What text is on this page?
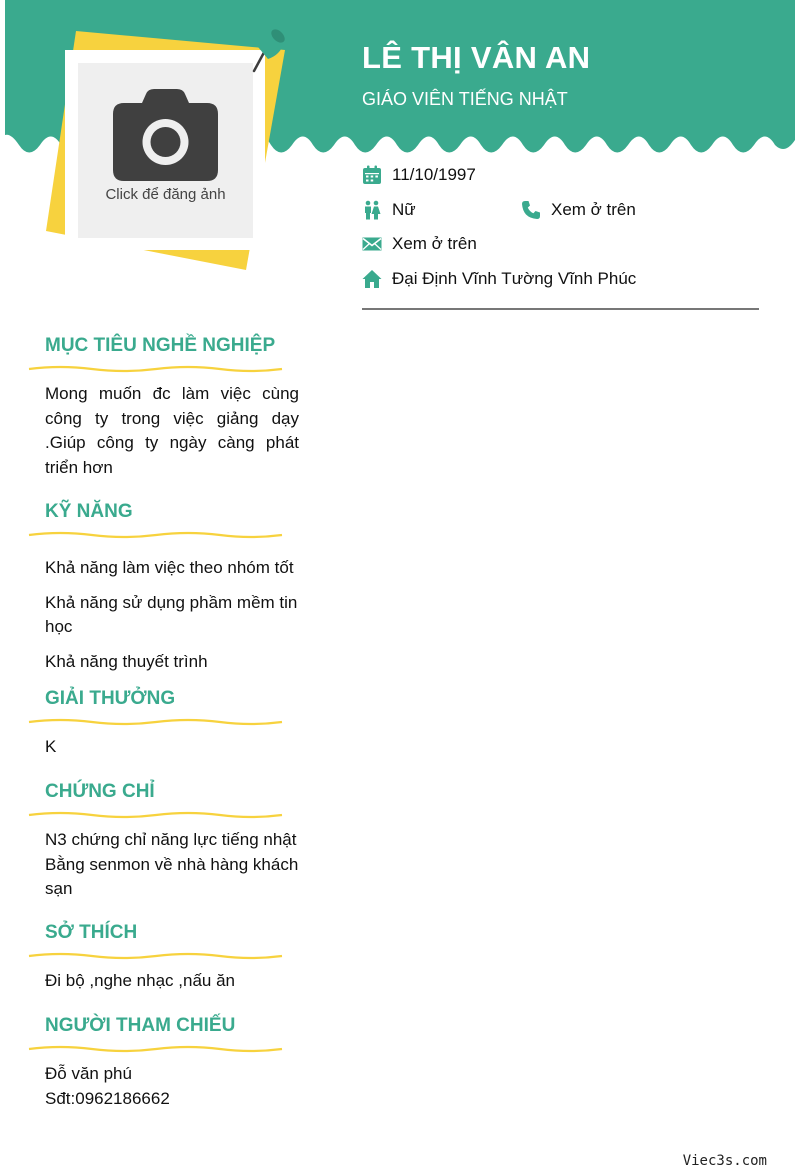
Click để đăng ảnh
LÊ THỊ VÂN AN
GIÁO VIÊN TIẾNG NHẬT
11/10/1997
Nữ	Xem ở trên
Xem ở trên
Đại Định Vĩnh Tường Vĩnh Phúc
MỤC TIÊU NGHỀ NGHIỆP
Mong muốn đc làm việc cùng công ty trong việc giảng dạy .Giúp công ty ngày càng phát triển hơn
KỸ NĂNG
Khả năng làm việc theo nhóm tốt
Khả năng sử dụng phầm mềm tin học
Khả năng thuyết trình
GIẢI THƯỞNG
K
CHỨNG CHỈ
N3 chứng chỉ năng lực tiếng nhật
Bằng senmon về nhà hàng khách sạn
SỞ THÍCH
Đi bộ ,nghe nhạc ,nấu ăn
NGƯỜI THAM CHIẾU
Đỗ văn phú
Sđt:0962186662
Viec3s.com
